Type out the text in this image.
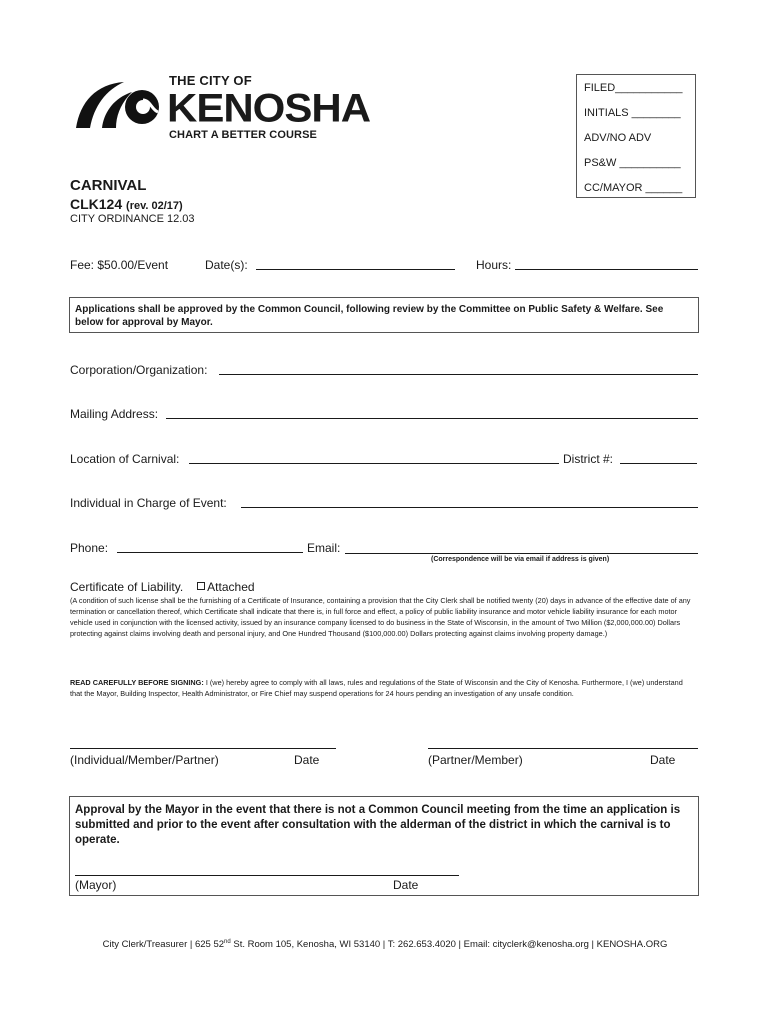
THE CITY OF
KENOSHA
CHART A BETTER COURSE
FILED___________
INITIALS ________
ADV/NO ADV
PS&W __________
CC/MAYOR ______
CARNIVAL
CLK124 (rev. 02/17)
CITY ORDINANCE 12.03
Fee: $50.00/Event	Date(s):	Hours:
Applications shall be approved by the Common Council, following review by the Committee on Public Safety & Welfare. See below for approval by Mayor.
Corporation/Organization:
Mailing Address:
Location of Carnival:	District #:
Individual in Charge of Event:
Phone:	Email:
(Correspondence will be via email if address is given)
Certificate of Liability. Attached
(A condition of such license shall be the furnishing of a Certificate of Insurance, containing a provision that the City Clerk shall be notified twenty (20) days in advance of the effective date of any termination or cancellation thereof, which Certificate shall indicate that there is, in full force and effect, a policy of public liability insurance and motor vehicle liability insurance for each motor vehicle used in conjunction with the licensed activity, issued by an insurance company licensed to do business in the State of Wisconsin, in the amount of Two Million ($2,000,000.00) Dollars protecting against claims involving death and personal injury, and One Hundred Thousand ($100,000.00) Dollars protecting against claims involving property damage.)
READ CAREFULLY BEFORE SIGNING: I (we) hereby agree to comply with all laws, rules and regulations of the State of Wisconsin and the City of Kenosha. Furthermore, I (we) understand that the Mayor, Building Inspector, Health Administrator, or Fire Chief may suspend operations for 24 hours pending an investigation of any unsafe condition.
(Individual/Member/Partner)	Date	(Partner/Member)	Date
Approval by the Mayor in the event that there is not a Common Council meeting from the time an application is submitted and prior to the event after consultation with the alderman of the district in which the carnival is to operate.
(Mayor)	Date
City Clerk/Treasurer | 625 52nd St. Room 105, Kenosha, WI 53140 | T: 262.653.4020 | Email: cityclerk@kenosha.org | KENOSHA.ORG
